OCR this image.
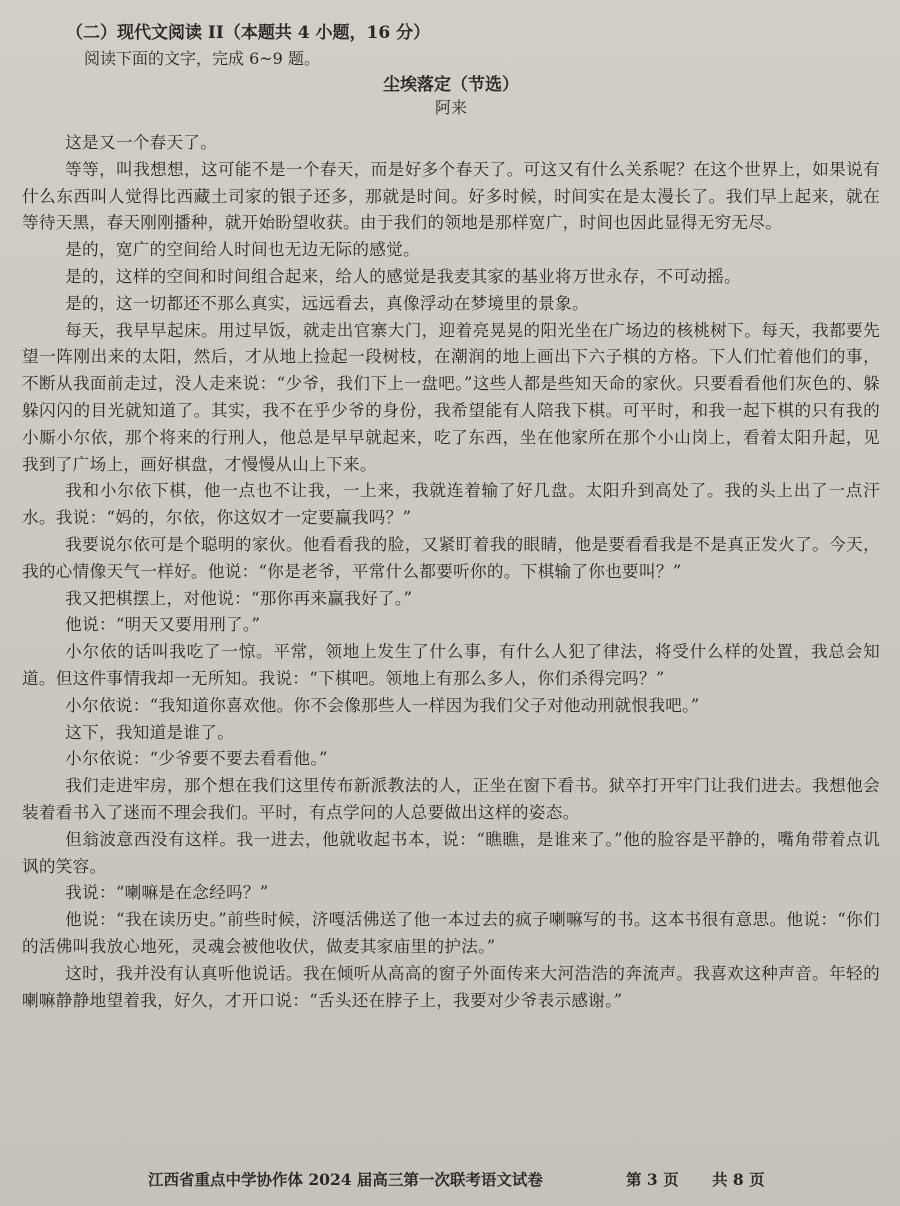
（二）现代文阅读 II（本题共 4 小题，16 分）
阅读下面的文字，完成 6~9 题。
尘埃落定（节选）
阿来

这是又一个春天了。

等等，叫我想想，这可能不是一个春天，而是好多个春天了。可这又有什么关系呢？在这个世界上，如果说有什么东西叫人觉得比西藏土司家的银子还多，那就是时间。好多时候，时间实在是太漫长了。我们早上起来，就在等待天黑，春天刚刚播种，就开始盼望收获。由于我们的领地是那样宽广，时间也因此显得无穷无尽。

是的，宽广的空间给人时间也无边无际的感觉。

是的，这样的空间和时间组合起来，给人的感觉是我麦其家的基业将万世永存，不可动摇。

是的，这一切都还不那么真实，远远看去，真像浮动在梦境里的景象。

每天，我早早起床。用过早饭，就走出官寨大门，迎着亮晃晃的阳光坐在广场边的核桃树下。每天，我都要先望一阵刚出来的太阳，然后，才从地上捡起一段树枝，在潮润的地上画出下六子棋的方格。下人们忙着他们的事，不断从我面前走过，没人走来说：“少爷，我们下上一盘吧。”这些人都是些知天命的家伙。只要看看他们灰色的、躲躲闪闪的目光就知道了。其实，我不在乎少爷的身份，我希望能有人陪我下棋。可平时，和我一起下棋的只有我的小厮小尔依，那个将来的行刑人，他总是早早就起来，吃了东西，坐在他家所在那个小山岗上，看着太阳升起，见我到了广场上，画好棋盘，才慢慢从山上下来。

我和小尔依下棋，他一点也不让我，一上来，我就连着输了好几盘。太阳升到高处了。我的头上出了一点汗水。我说：“妈的，尔依，你这奴才一定要赢我吗？”

我要说尔依可是个聪明的家伙。他看看我的脸，又紧盯着我的眼睛，他是要看看我是不是真正发火了。今天，我的心情像天气一样好。他说：“你是老爷，平常什么都要听你的。下棋输了你也要叫？”

我又把棋摆上，对他说：“那你再来赢我好了。”

他说：“明天又要用刑了。”

小尔依的话叫我吃了一惊。平常，领地上发生了什么事，有什么人犯了律法，将受什么样的处置，我总会知道。但这件事情我却一无所知。我说：“下棋吧。领地上有那么多人，你们杀得完吗？”

小尔依说：“我知道你喜欢他。你不会像那些人一样因为我们父子对他动刑就恨我吧。”

这下，我知道是谁了。

小尔依说：“少爷要不要去看看他。”

我们走进牢房，那个想在我们这里传布新派教法的人，正坐在窗下看书。狱卒打开牢门让我们进去。我想他会装着看书入了迷而不理会我们。平时，有点学问的人总要做出这样的姿态。

但翁波意西没有这样。我一进去，他就收起书本，说：“瞧瞧，是谁来了。”他的脸容是平静的，嘴角带着点讥讽的笑容。

我说：“喇嘛是在念经吗？”

他说：“我在读历史。”前些时候，济嘎活佛送了他一本过去的疯子喇嘛写的书。这本书很有意思。他说：“你们的活佛叫我放心地死，灵魂会被他收伏，做麦其家庙里的护法。”

这时，我并没有认真听他说话。我在倾听从高高的窗子外面传来大河浩浩的奔流声。我喜欢这种声音。年轻的喇嘛静静地望着我，好久，才开口说：“舌头还在脖子上，我要对少爷表示感谢。”

江西省重点中学协作体 2024 届高三第一次联考语文试卷	第 3 页 共 8 页
